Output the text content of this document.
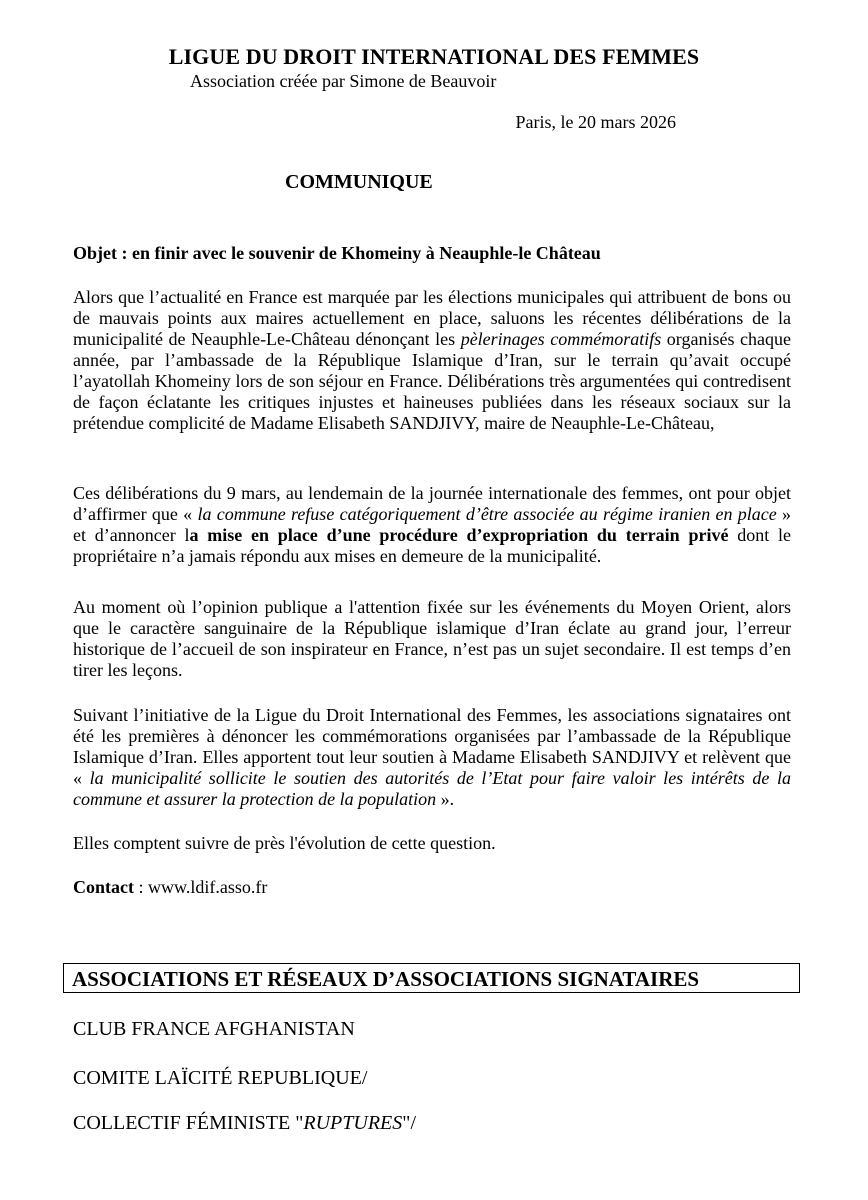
LIGUE DU DROIT INTERNATIONAL DES FEMMES
Association créée par Simone de Beauvoir
Paris, le 20 mars 2026
COMMUNIQUE
Objet : en finir avec le souvenir de Khomeiny à Neauphle-le Château
Alors que l’actualité en France est marquée par les élections municipales qui attribuent de bons ou de mauvais points aux maires actuellement en place, saluons les récentes délibérations de la municipalité de Neauphle-Le-Château dénonçant les pèlerinages commémoratifs organisés chaque année, par l’ambassade de la République Islamique d’Iran, sur le terrain qu’avait occupé l’ayatollah Khomeiny lors de son séjour en France. Délibérations très argumentées qui contredisent de façon éclatante les critiques injustes et haineuses publiées dans les réseaux sociaux sur la prétendue complicité de Madame Elisabeth SANDJIVY, maire de Neauphle-Le-Château,
Ces délibérations du 9 mars, au lendemain de la journée internationale des femmes, ont pour objet d’affirmer que « la commune refuse catégoriquement d’être associée au régime iranien en place » et d’annoncer la mise en place d’une procédure d’expropriation du terrain privé dont le propriétaire n’a jamais répondu aux mises en demeure de la municipalité.
Au moment où l’opinion publique a l'attention fixée sur les événements du Moyen Orient, alors que le caractère sanguinaire de la République islamique d’Iran éclate au grand jour, l’erreur historique de l’accueil de son inspirateur en France, n’est pas un sujet secondaire. Il est temps d’en tirer les leçons.
Suivant l’initiative de la Ligue du Droit International des Femmes, les associations signataires ont été les premières à dénoncer les commémorations organisées par l’ambassade de la République Islamique d’Iran. Elles apportent tout leur soutien à Madame Elisabeth SANDJIVY et relèvent que « la municipalité sollicite le soutien des autorités de l’Etat pour faire valoir les intérêts de la commune et assurer la protection de la population ».
Elles comptent suivre de près l'évolution de cette question.
Contact : www.ldif.asso.fr
ASSOCIATIONS ET RÉSEAUX D’ASSOCIATIONS SIGNATAIRES
CLUB FRANCE AFGHANISTAN
COMITE LAÏCITÉ REPUBLIQUE/
COLLECTIF FÉMINISTE "RUPTURES"/
